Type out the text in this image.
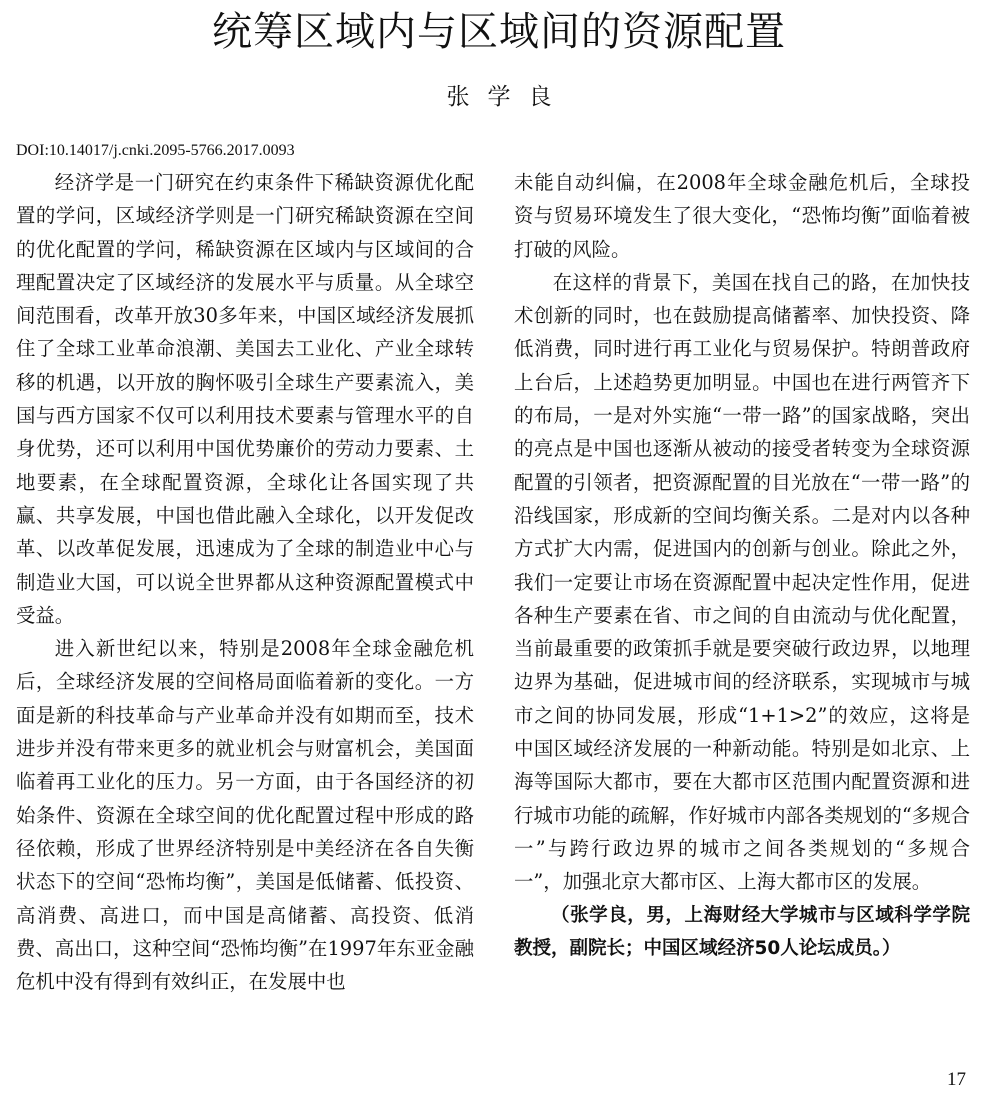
统筹区域内与区域间的资源配置
张学良
DOI:10.14017/j.cnki.2095-5766.2017.0093

经济学是一门研究在约束条件下稀缺资源优化配置的学问，区域经济学则是一门研究稀缺资源在空间的优化配置的学问，稀缺资源在区域内与区域间的合理配置决定了区域经济的发展水平与质量。从全球空间范围看，改革开放30多年来，中国区域经济发展抓住了全球工业革命浪潮、美国去工业化、产业全球转移的机遇，以开放的胸怀吸引全球生产要素流入，美国与西方国家不仅可以利用技术要素与管理水平的自身优势，还可以利用中国优势廉价的劳动力要素、土地要素，在全球配置资源，全球化让各国实现了共赢、共享发展，中国也借此融入全球化，以开发促改革、以改革促发展，迅速成为了全球的制造业中心与制造业大国，可以说全世界都从这种资源配置模式中受益。

进入新世纪以来，特别是2008年全球金融危机后，全球经济发展的空间格局面临着新的变化。一方面是新的科技革命与产业革命并没有如期而至，技术进步并没有带来更多的就业机会与财富机会，美国面临着再工业化的压力。另一方面，由于各国经济的初始条件、资源在全球空间的优化配置过程中形成的路径依赖，形成了世界经济特别是中美经济在各自失衡状态下的空间“恐怖均衡”，美国是低储蓄、低投资、高消费、高进口，而中国是高储蓄、高投资、低消费、高出口，这种空间“恐怖均衡”在1997年东亚金融危机中没有得到有效纠正，在发展中也

未能自动纠偏，在2008年全球金融危机后，全球投资与贸易环境发生了很大变化，“恐怖均衡”面临着被打破的风险。

在这样的背景下，美国在找自己的路，在加快技术创新的同时，也在鼓励提高储蓄率、加快投资、降低消费，同时进行再工业化与贸易保护。特朗普政府上台后，上述趋势更加明显。中国也在进行两管齐下的布局，一是对外实施“一带一路”的国家战略，突出的亮点是中国也逐渐从被动的接受者转变为全球资源配置的引领者，把资源配置的目光放在“一带一路”的沿线国家，形成新的空间均衡关系。二是对内以各种方式扩大内需，促进国内的创新与创业。除此之外，我们一定要让市场在资源配置中起决定性作用，促进各种生产要素在省、市之间的自由流动与优化配置，当前最重要的政策抓手就是要突破行政边界，以地理边界为基础，促进城市间的经济联系，实现城市与城市之间的协同发展，形成“1+1>2”的效应，这将是中国区域经济发展的一种新动能。特别是如北京、上海等国际大都市，要在大都市区范围内配置资源和进行城市功能的疏解，作好城市内部各类规划的“多规合一”与跨行政边界的城市之间各类规划的“多规合一”，加强北京大都市区、上海大都市区的发展。

（张学良，男，上海财经大学城市与区域科学学院教授，副院长；中国区域经济50人论坛成员。）

17
